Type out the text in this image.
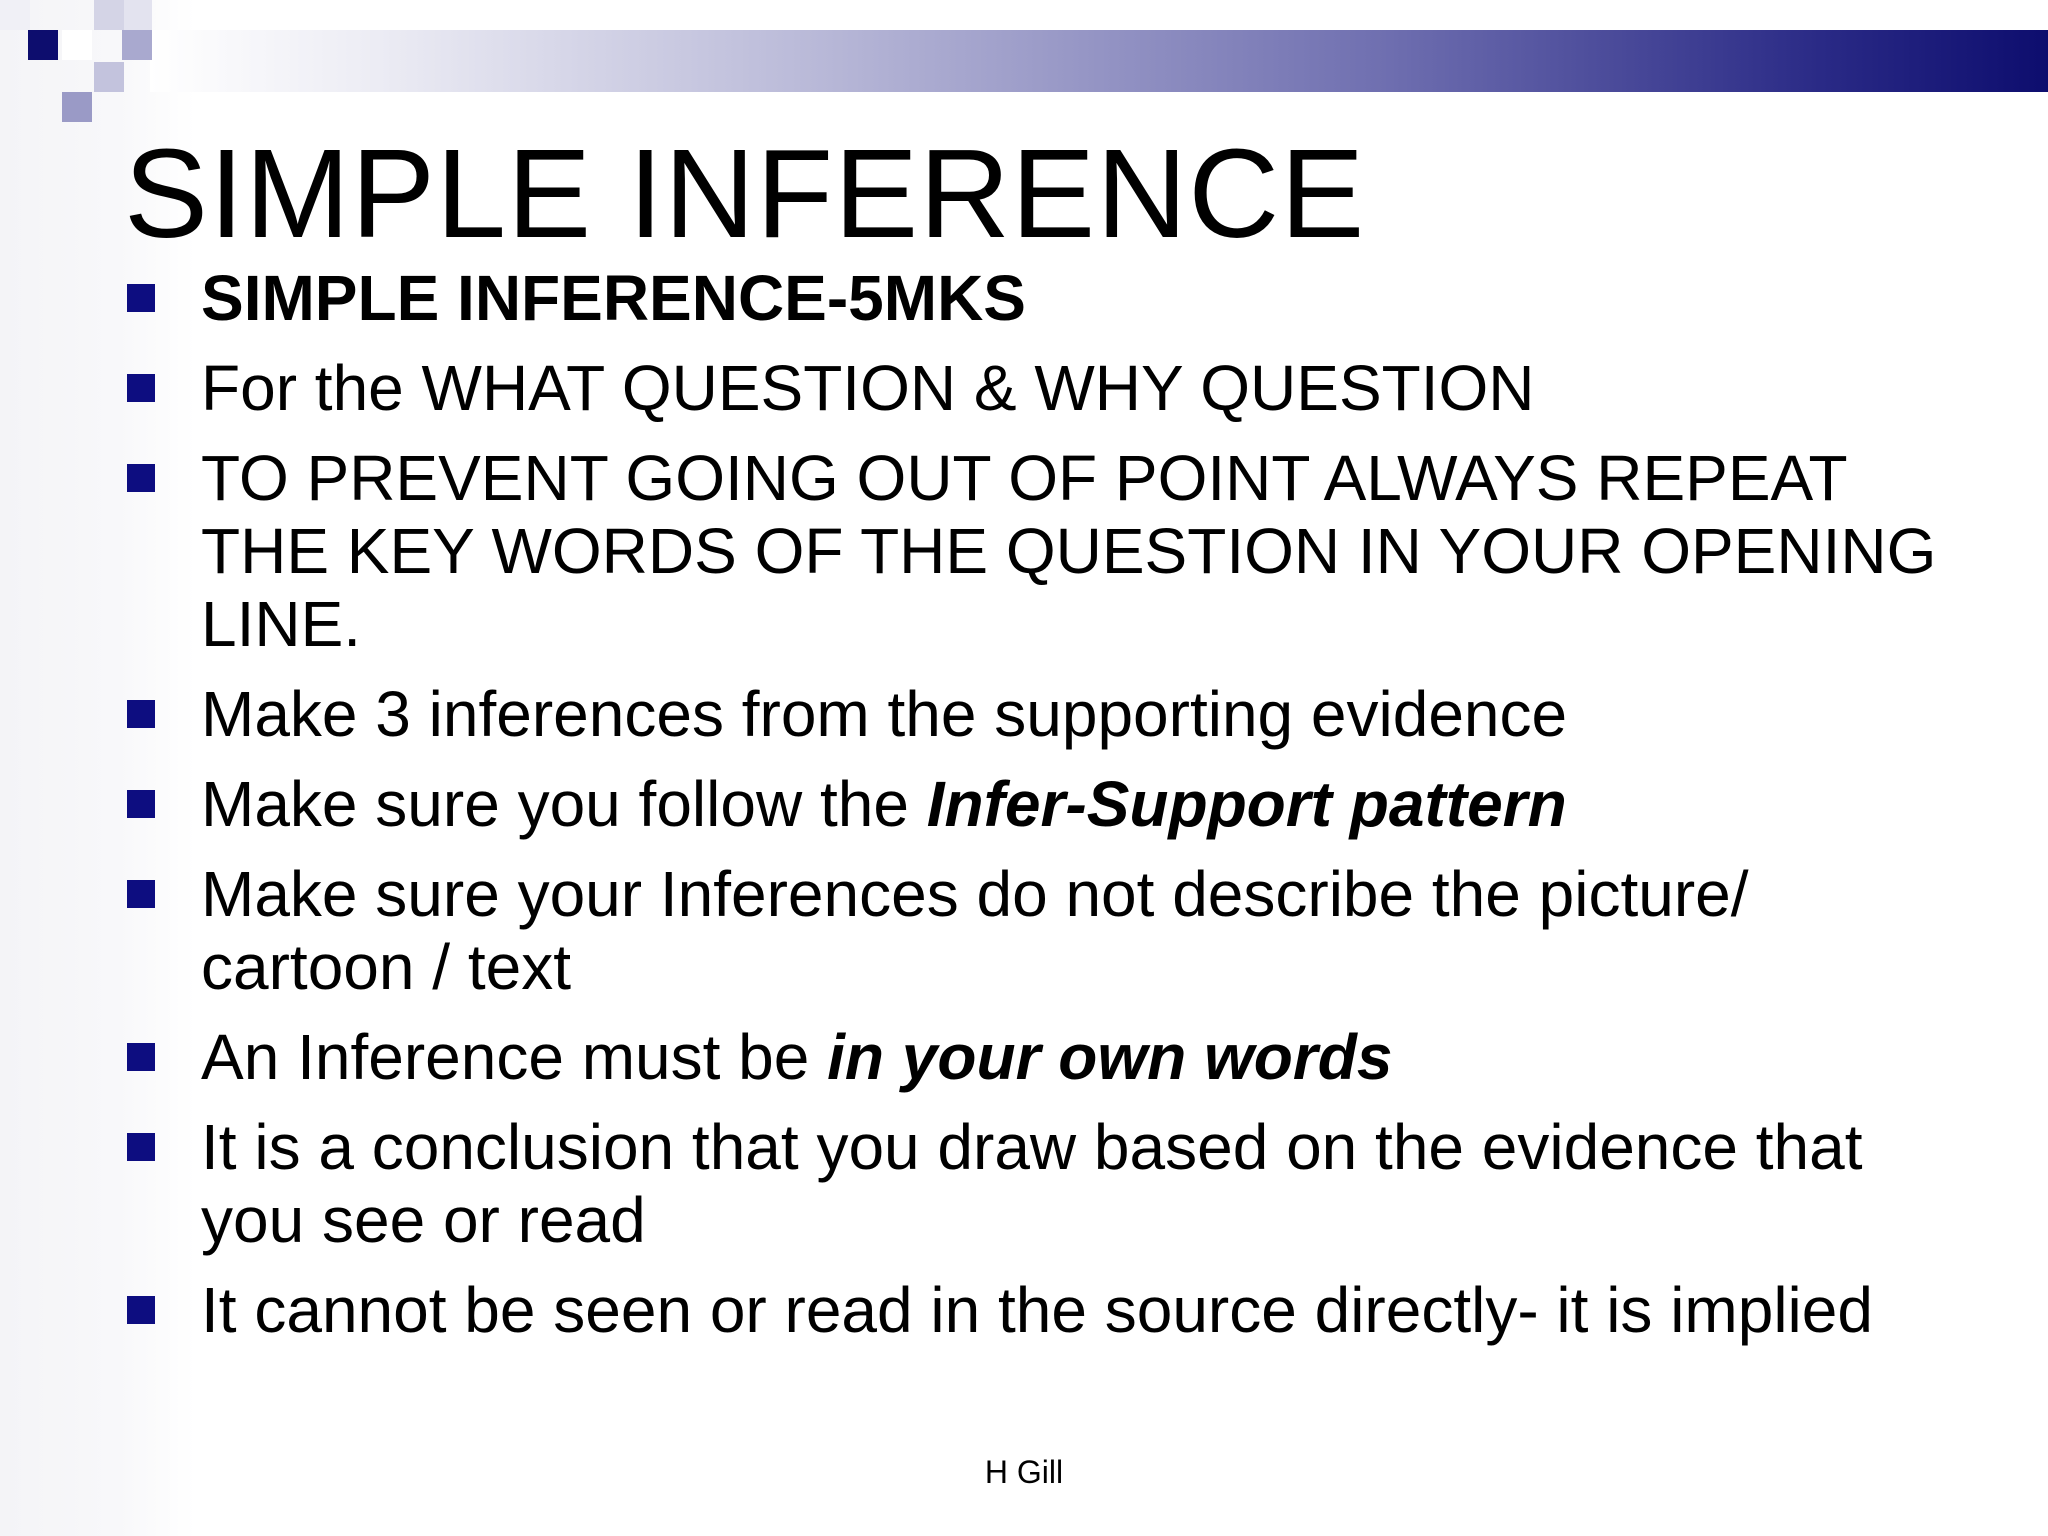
SIMPLE INFERENCE
SIMPLE INFERENCE-5MKS
For the WHAT QUESTION & WHY QUESTION
TO PREVENT GOING OUT OF POINT ALWAYS REPEAT THE KEY WORDS OF THE QUESTION IN YOUR OPENING LINE.
Make 3 inferences from the supporting evidence
Make sure you follow the Infer-Support pattern
Make sure your Inferences do not describe the picture/ cartoon / text
An Inference must be in your own words
It is a conclusion that you draw based on the evidence that you see or read
It cannot be seen or read in the source directly- it is implied
H Gill
